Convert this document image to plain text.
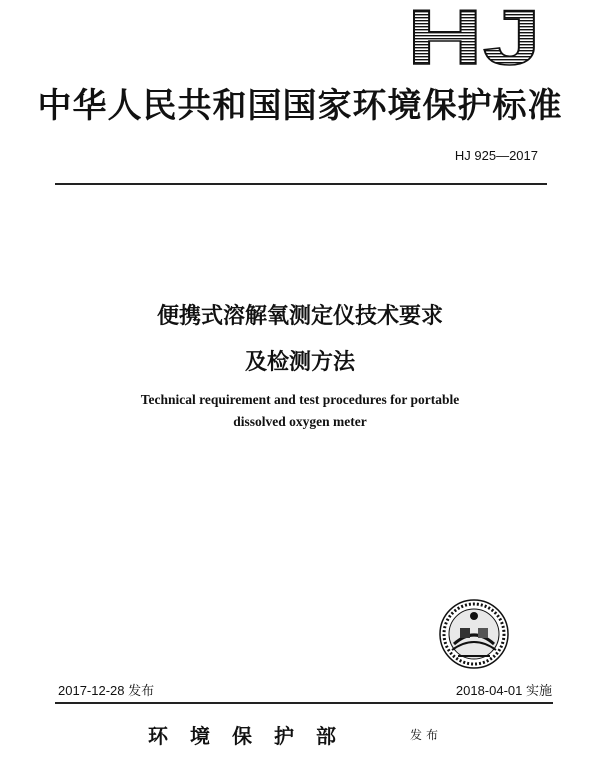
HJ
中华人民共和国国家环境保护标准
HJ 925—2017
便携式溶解氧测定仪技术要求
及检测方法
Technical requirement and test procedures for portable
dissolved oxygen meter
2017-12-28 发布	2018-04-01 实施
环境保护部	发布
